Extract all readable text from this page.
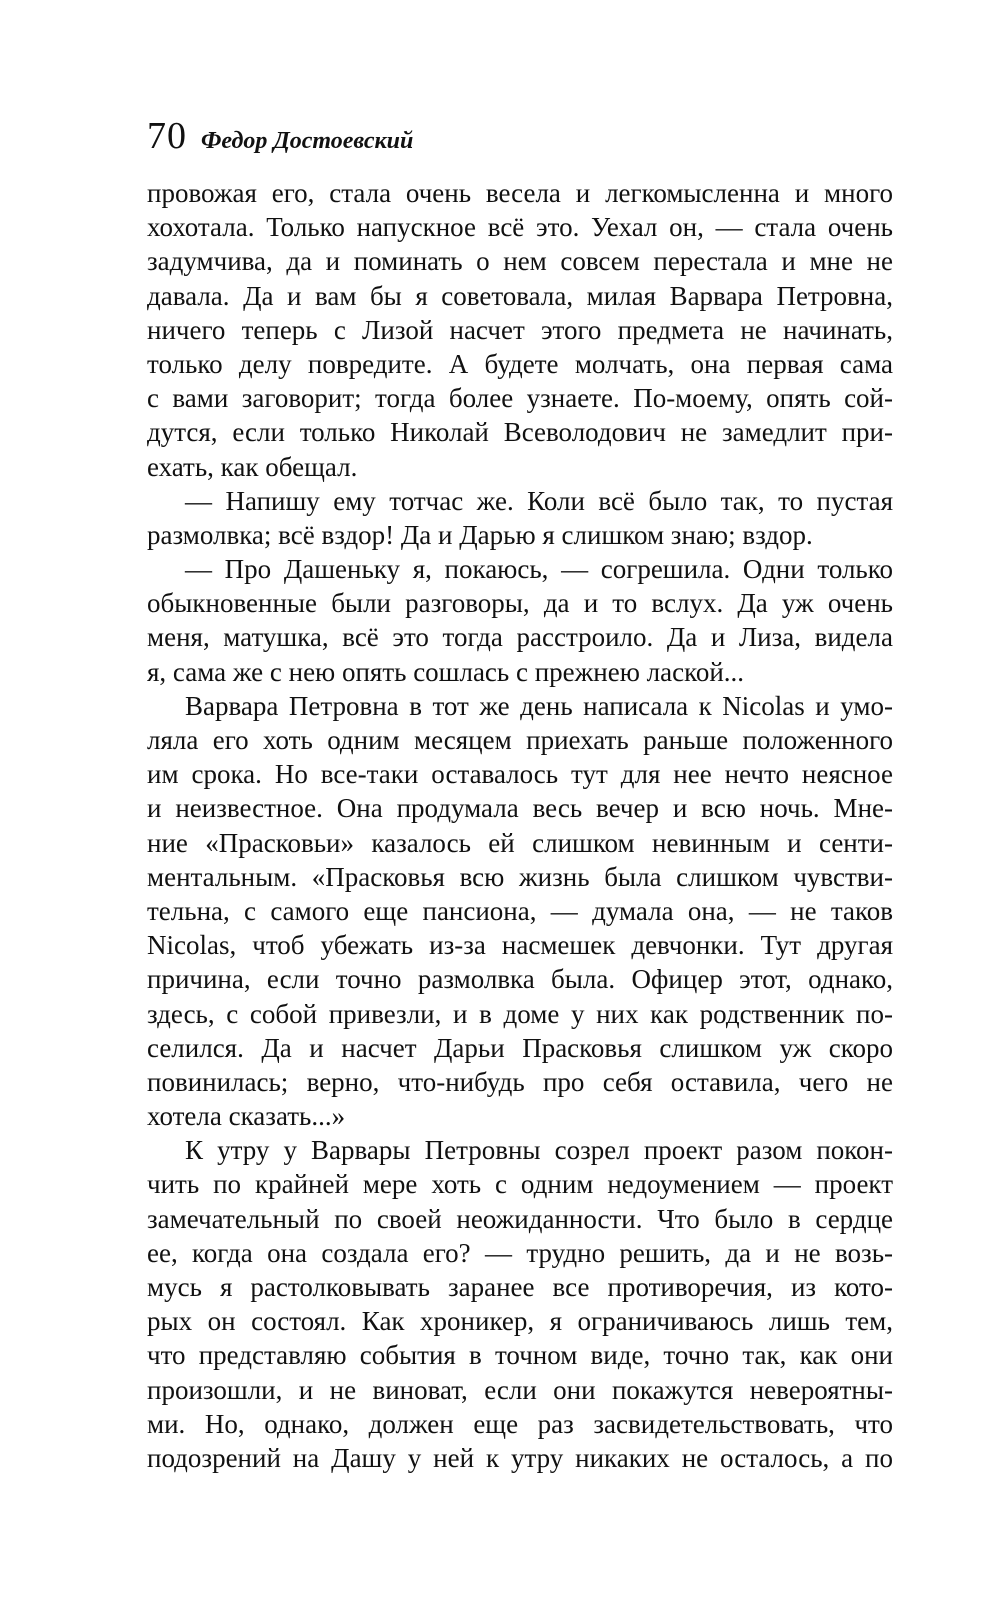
70 Федор Достоевский
провожая его, стала очень весела и легкомысленна и много
хохотала. Только напускное всё это. Уехал он, — стала очень
задумчива, да и поминать о нем совсем перестала и мне не
давала. Да и вам бы я советовала, милая Варвара Петровна,
ничего теперь с Лизой насчет этого предмета не начинать,
только делу повредите. А будете молчать, она первая сама
с вами заговорит; тогда более узнаете. По-моему, опять сой-
дутся, если только Николай Всеволодович не замедлит при-
ехать, как обещал.
— Напишу ему тотчас же. Коли всё было так, то пустая
размолвка; всё вздор! Да и Дарью я слишком знаю; вздор.
— Про Дашеньку я, покаюсь, — согрешила. Одни только
обыкновенные были разговоры, да и то вслух. Да уж очень
меня, матушка, всё это тогда расстроило. Да и Лиза, видела
я, сама же с нею опять сошлась с прежнею лаской...
Варвара Петровна в тот же день написала к Nicolas и умо-
ляла его хоть одним месяцем приехать раньше положенного
им срока. Но все-таки оставалось тут для нее нечто неясное
и неизвестное. Она продумала весь вечер и всю ночь. Мне-
ние «Прасковьи» казалось ей слишком невинным и сенти-
ментальным. «Прасковья всю жизнь была слишком чувстви-
тельна, с самого еще пансиона, — думала она, — не таков
Nicolas, чтоб убежать из-за насмешек девчонки. Тут другая
причина, если точно размолвка была. Офицер этот, однако,
здесь, с собой привезли, и в доме у них как родственник по-
селился. Да и насчет Дарьи Прасковья слишком уж скоро
повинилась; верно, что-нибудь про себя оставила, чего не
хотела сказать...»
К утру у Варвары Петровны созрел проект разом покон-
чить по крайней мере хоть с одним недоумением — проект
замечательный по своей неожиданности. Что было в сердце
ее, когда она создала его? — трудно решить, да и не возь-
мусь я растолковывать заранее все противоречия, из кото-
рых он состоял. Как хроникер, я ограничиваюсь лишь тем,
что представляю события в точном виде, точно так, как они
произошли, и не виноват, если они покажутся невероятны-
ми. Но, однако, должен еще раз засвидетельствовать, что
подозрений на Дашу у ней к утру никаких не осталось, а по
